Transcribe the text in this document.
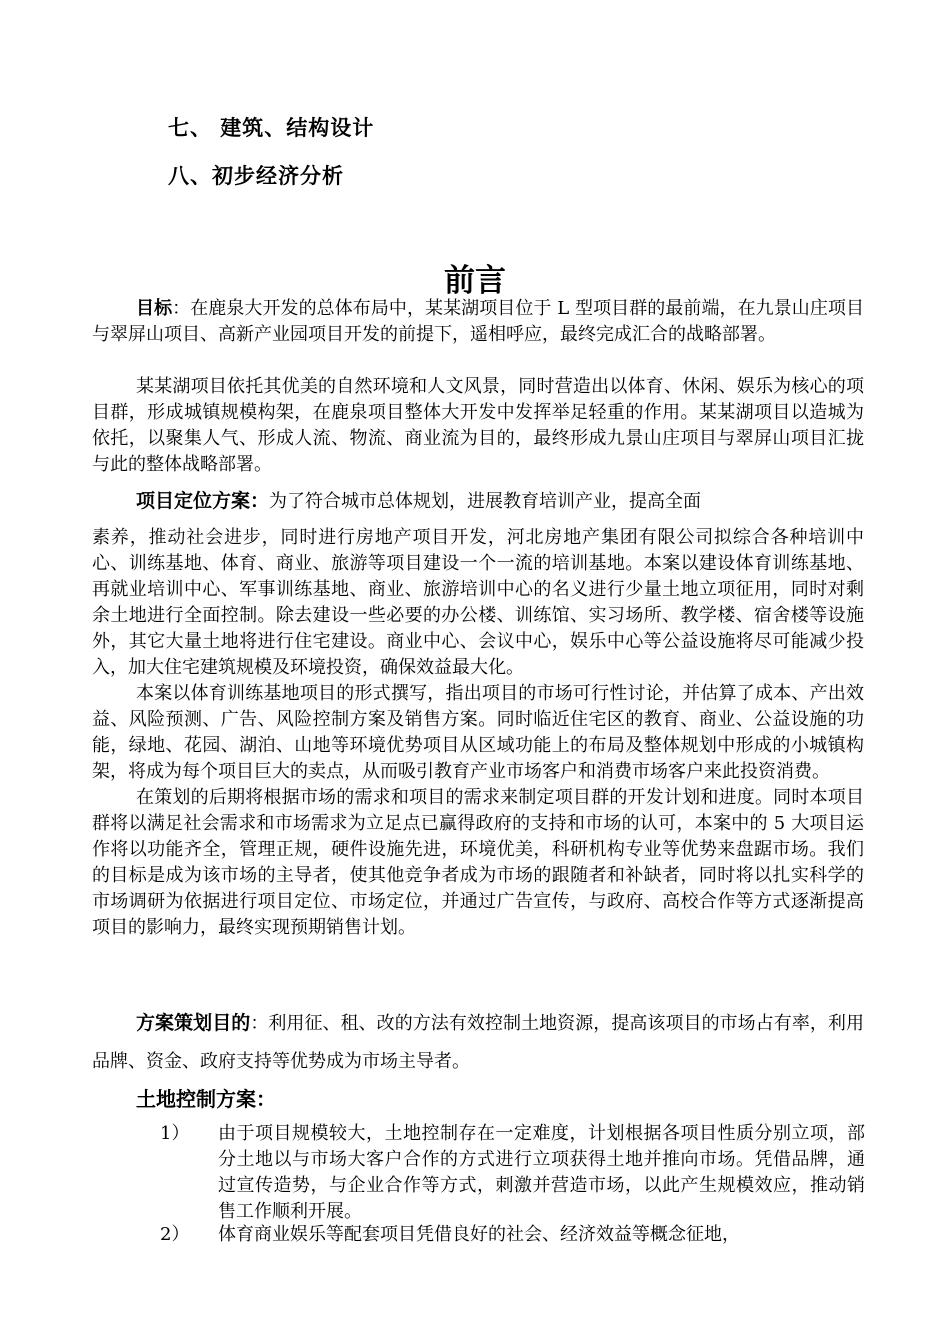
七、 建筑、结构设计
八、初步经济分析
前言
目标：在鹿泉大开发的总体布局中，某某湖项目位于 L 型项目群的最前端，在九景山庄项目与翠屏山项目、高新产业园项目开发的前提下，遥相呼应，最终完成汇合的战略部署。
某某湖项目依托其优美的自然环境和人文风景，同时营造出以体育、休闲、娱乐为核心的项目群，形成城镇规模构架，在鹿泉项目整体大开发中发挥举足轻重的作用。某某湖项目以造城为依托，以聚集人气、形成人流、物流、商业流为目的，最终形成九景山庄项目与翠屏山项目汇拢与此的整体战略部署。

项目定位方案：为了符合城市总体规划，进展教育培训产业，提高全面

素养，推动社会进步，同时进行房地产项目开发，河北房地产集团有限公司拟综合各种培训中心、训练基地、体育、商业、旅游等项目建设一个一流的培训基地。本案以建设体育训练基地、再就业培训中心、军事训练基地、商业、旅游培训中心的名义进行少量土地立项征用，同时对剩余土地进行全面控制。除去建设一些必要的办公楼、训练馆、实习场所、教学楼、宿舍楼等设施外，其它大量土地将进行住宅建设。商业中心、会议中心，娱乐中心等公益设施将尽可能减少投入，加大住宅建筑规模及环境投资，确保效益最大化。

本案以体育训练基地项目的形式撰写，指出项目的市场可行性讨论，并估算了成本、产出效益、风险预测、广告、风险控制方案及销售方案。同时临近住宅区的教育、商业、公益设施的功能，绿地、花园、湖泊、山地等环境优势项目从区域功能上的布局及整体规划中形成的小城镇构架，将成为每个项目巨大的卖点，从而吸引教育产业市场客户和消费市场客户来此投资消费。

在策划的后期将根据市场的需求和项目的需求来制定项目群的开发计划和进度。同时本项目群将以满足社会需求和市场需求为立足点已赢得政府的支持和市场的认可，本案中的 5 大项目运作将以功能齐全，管理正规，硬件设施先进，环境优美，科研机构专业等优势来盘踞市场。我们的目标是成为该市场的主导者，使其他竞争者成为市场的跟随者和补缺者，同时将以扎实科学的市场调研为依据进行项目定位、市场定位，并通过广告宣传，与政府、高校合作等方式逐渐提高项目的影响力，最终实现预期销售计划。

方案策划目的：利用征、租、改的方法有效控制土地资源，提高该项目的市场占有率，利用品牌、资金、政府支持等优势成为市场主导者。
土地控制方案：
1）	由于项目规模较大，土地控制存在一定难度，计划根据各项目性质分别立项，部分土地以与市场大客户合作的方式进行立项获得土地并推向市场。凭借品牌，通过宣传造势，与企业合作等方式，刺激并营造市场，以此产生规模效应，推动销售工作顺利开展。
2）	体育商业娱乐等配套项目凭借良好的社会、经济效益等概念征地，
